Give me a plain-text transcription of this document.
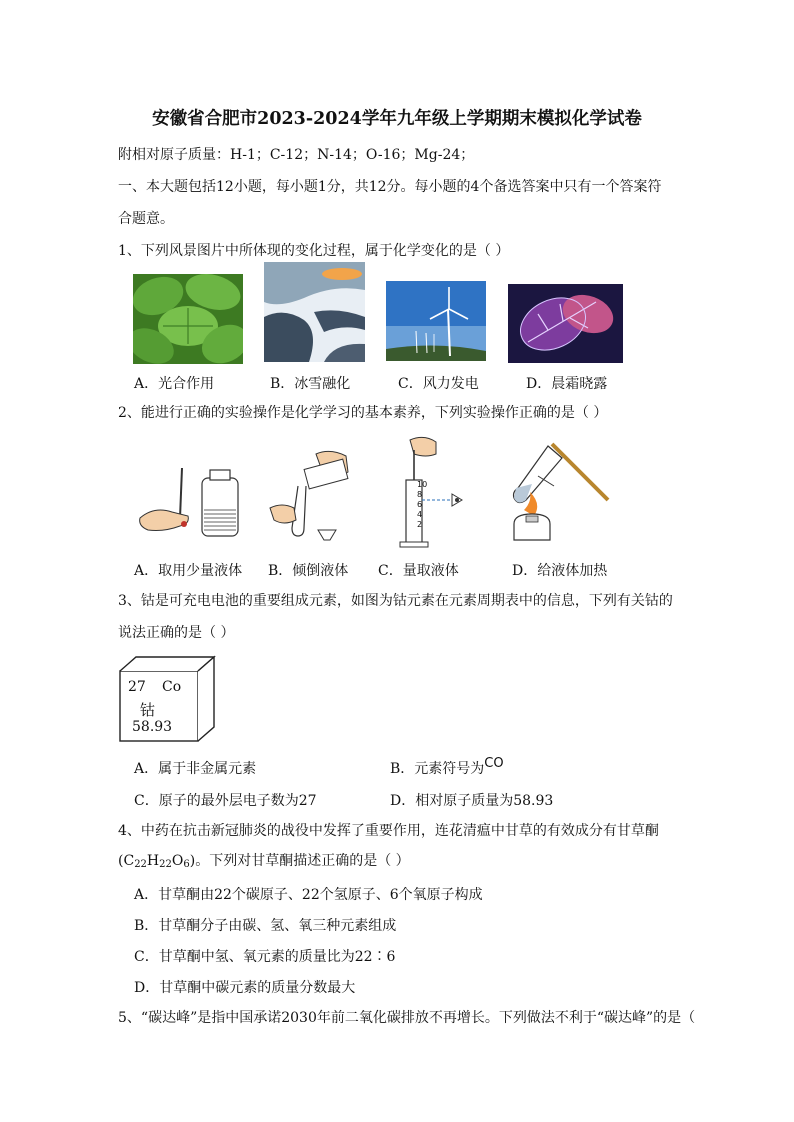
安徽省合肥市2023-2024学年九年级上学期期末模拟化学试卷
附相对原子质量：H-1；C-12；N-14；O-16；Mg-24；
一、本大题包括12小题，每小题1分，共12分。每小题的4个备选答案中只有一个答案符
合题意。
1、下列风景图片中所体现的变化过程，属于化学变化的是（ ）
A．光合作用	B．冰雪融化	C．风力发电	D．晨霜晓露
2、能进行正确的实验操作是化学学习的基本素养，下列实验操作正确的是（ ）
10
8
6
4
2
A．取用少量液体 B．倾倒液体 C．量取液体	D．给液体加热
3、钴是可充电电池的重要组成元素，如图为钴元素在元素周期表中的信息，下列有关钴的
说法正确的是（ ）
27 Co
钴
58.93
A．属于非金属元素	B．元素符号为CO
C．原子的最外层电子数为27	D．相对原子质量为58.93
4、中药在抗击新冠肺炎的战役中发挥了重要作用，连花清瘟中甘草的有效成分有甘草酮
$(C_{22}H_{22}O_6)$。下列对甘草酮描述正确的是（ ）
A．甘草酮由22个碳原子、22个氢原子、6个氧原子构成
B．甘草酮分子由碳、氢、氧三种元素组成
C．甘草酮中氢、氧元素的质量比为22∶6
D．甘草酮中碳元素的质量分数最大
5、“碳达峰”是指中国承诺2030年前二氧化碳排放不再增长。下列做法不利于“碳达峰”的是（
